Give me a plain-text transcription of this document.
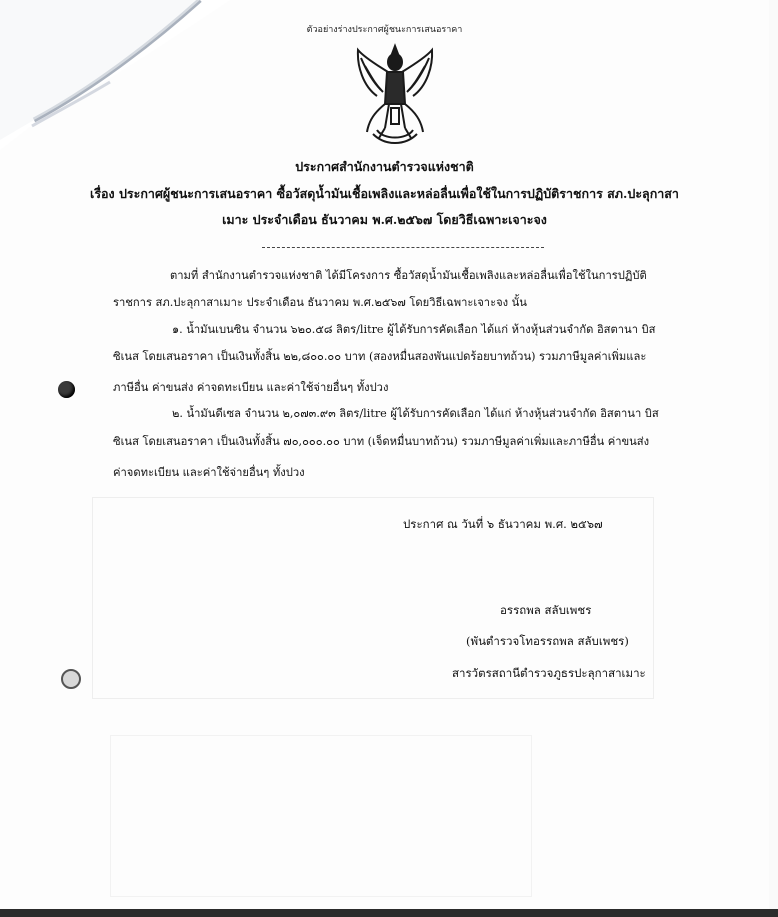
ตัวอย่างร่างประกาศผู้ชนะการเสนอราคา
ประกาศสำนักงานตำรวจแห่งชาติ
เรื่อง ประกาศผู้ชนะการเสนอราคา ซื้อวัสดุน้ำมันเชื้อเพลิงและหล่อลื่นเพื่อใช้ในการปฏิบัติราชการ สภ.ปะลุกาสา
เมาะ ประจำเดือน ธันวาคม พ.ศ.๒๕๖๗ โดยวิธีเฉพาะเจาะจง
ตามที่ สำนักงานตำรวจแห่งชาติ ได้มีโครงการ ซื้อวัสดุน้ำมันเชื้อเพลิงและหล่อลื่นเพื่อใช้ในการปฏิบัติ
ราชการ สภ.ปะลุกาสาเมาะ ประจำเดือน ธันวาคม พ.ศ.๒๕๖๗ โดยวิธีเฉพาะเจาะจง นั้น
๑. น้ำมันเบนซิน จำนวน ๖๒๐.๕๘ ลิตร/litre ผู้ได้รับการคัดเลือก ได้แก่ ห้างหุ้นส่วนจำกัด อิสตานา บิส
ซิเนส โดยเสนอราคา เป็นเงินทั้งสิ้น ๒๒,๘๐๐.๐๐ บาท (สองหมื่นสองพันแปดร้อยบาทถ้วน) รวมภาษีมูลค่าเพิ่มและ
ภาษีอื่น ค่าขนส่ง ค่าจดทะเบียน และค่าใช้จ่ายอื่นๆ ทั้งปวง
๒. น้ำมันดีเซล จำนวน ๒,๐๗๓.๙๓ ลิตร/litre ผู้ได้รับการคัดเลือก ได้แก่ ห้างหุ้นส่วนจำกัด อิสตานา บิส
ซิเนส โดยเสนอราคา เป็นเงินทั้งสิ้น ๗๐,๐๐๐.๐๐ บาท (เจ็ดหมื่นบาทถ้วน) รวมภาษีมูลค่าเพิ่มและภาษีอื่น ค่าขนส่ง
ค่าจดทะเบียน และค่าใช้จ่ายอื่นๆ ทั้งปวง
ประกาศ ณ วันที่ ๖ ธันวาคม พ.ศ. ๒๕๖๗
อรรถพล สลับเพชร
(พันตำรวจโทอรรถพล สลับเพชร)
สารวัตรสถานีตำรวจภูธรปะลุกาสาเมาะ
